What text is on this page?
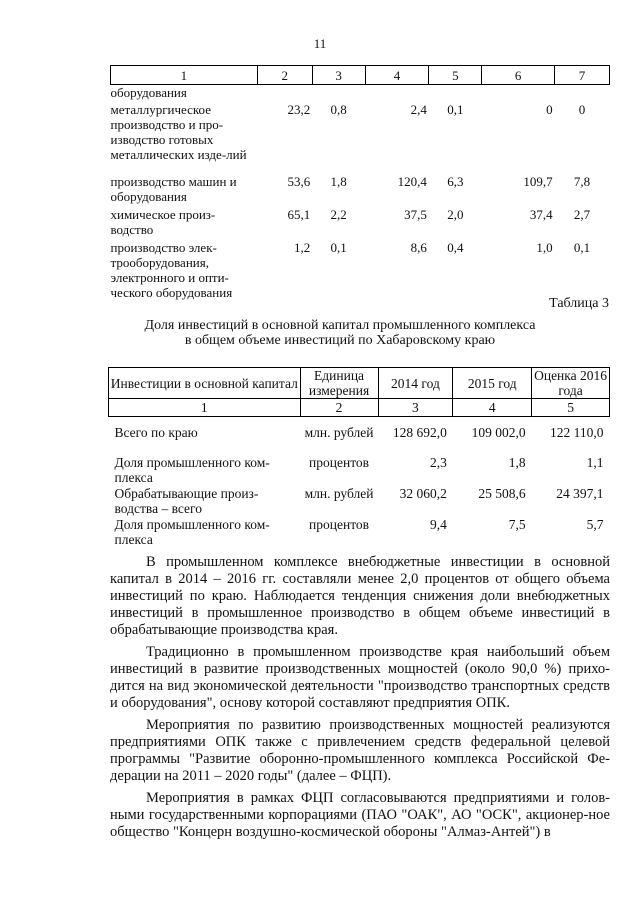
11
1	2	3	4	5	6	7
оборудования						
металлургическое производство и про-изводство готовых металлических изде-лий	23,2	0,8	2,4	0,1	0	0
производство машин и оборудования	53,6	1,8	120,4	6,3	109,7	7,8
химическое произ-водство	65,1	2,2	37,5	2,0	37,4	2,7
производство элек-трооборудования, электронного и опти-ческого оборудования	1,2	0,1	8,6	0,4	1,0	0,1
Таблица 3
Доля инвестиций в основной капитал промышленного комплекса
в общем объеме инвестиций по Хабаровскому краю
Инвестиции в основной капитал	Единица измерения	2014 год	2015 год	Оценка 2016 года
1	2	3	4	5
Всего по краю	млн. рублей	128 692,0	109 002,0	122 110,0
Доля промышленного ком-плекса	процентов	2,3	1,8	1,1
Обрабатывающие произ-водства – всего	млн. рублей	32 060,2	25 508,6	24 397,1
Доля промышленного ком-плекса	процентов	9,4	7,5	5,7

В промышленном комплексе внебюджетные инвестиции в основной капитал в 2014 – 2016 гг. составляли менее 2,0 процентов от общего объема инвестиций по краю. Наблюдается тенденция снижения доли внебюджетных инвестиций в промышленное производство в общем объеме инвестиций в обрабатывающие производства края.

Традиционно в промышленном производстве края наибольший объем инвестиций в развитие производственных мощностей (около 90,0 %) прихо-дится на вид экономической деятельности "производство транспортных средств и оборудования", основу которой составляют предприятия ОПК.

Мероприятия по развитию производственных мощностей реализуются предприятиями ОПК также с привлечением средств федеральной целевой программы "Развитие оборонно-промышленного комплекса Российской Фе-дерации на 2011 – 2020 годы" (далее – ФЦП).

Мероприятия в рамках ФЦП согласовываются предприятиями и голов-ными государственными корпорациями (ПАО "ОАК", АО "ОСК", акционер-ное общество "Концерн воздушно-космической обороны "Алмаз-Антей") в
